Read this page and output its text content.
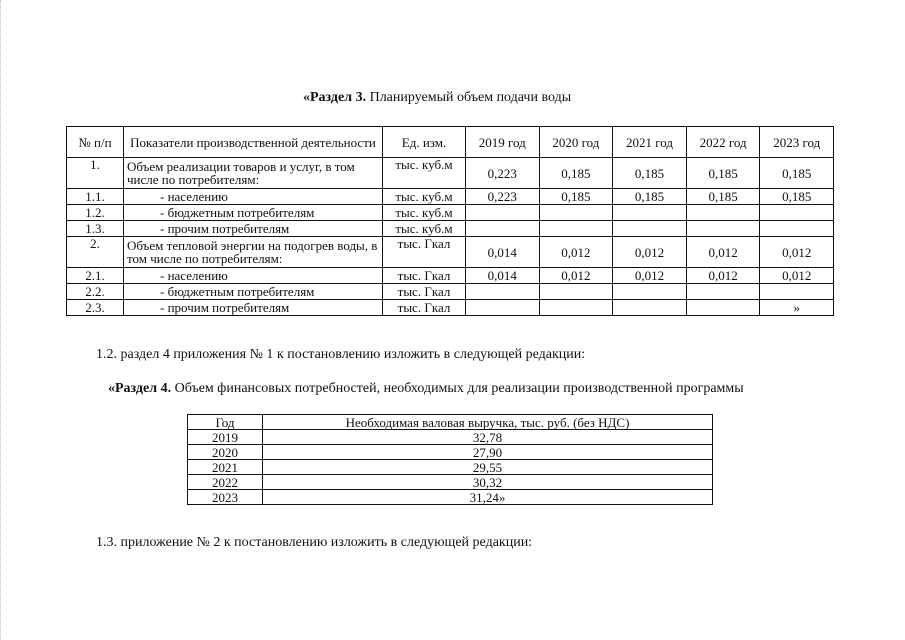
«Раздел 3. Планируемый объем подачи воды
№ п/п	Показатели производственной деятельности	Ед. изм.	2019 год	2020 год	2021 год	2022 год	2023 год
1.	Объем реализации товаров и услуг, в том числе по потребителям:	тыс. куб.м	0,223	0,185	0,185	0,185	0,185
1.1.	- населению	тыс. куб.м	0,223	0,185	0,185	0,185	0,185
1.2.	- бюджетным потребителям	тыс. куб.м					
1.3.	- прочим потребителям	тыс. куб.м					
2.	Объем тепловой энергии на подогрев воды, в том числе по потребителям:	тыс. Гкал	0,014	0,012	0,012	0,012	0,012
2.1.	- населению	тыс. Гкал	0,014	0,012	0,012	0,012	0,012
2.2.	- бюджетным потребителям	тыс. Гкал					
2.3.	- прочим потребителям	тыс. Гкал					»
1.2. раздел 4 приложения № 1 к постановлению изложить в следующей редакции:
«Раздел 4. Объем финансовых потребностей, необходимых для реализации производственной программы
Год	Необходимая валовая выручка, тыс. руб. (без НДС)
2019	32,78
2020	27,90
2021	29,55
2022	30,32
2023	31,24»
1.3. приложение № 2 к постановлению изложить в следующей редакции:
